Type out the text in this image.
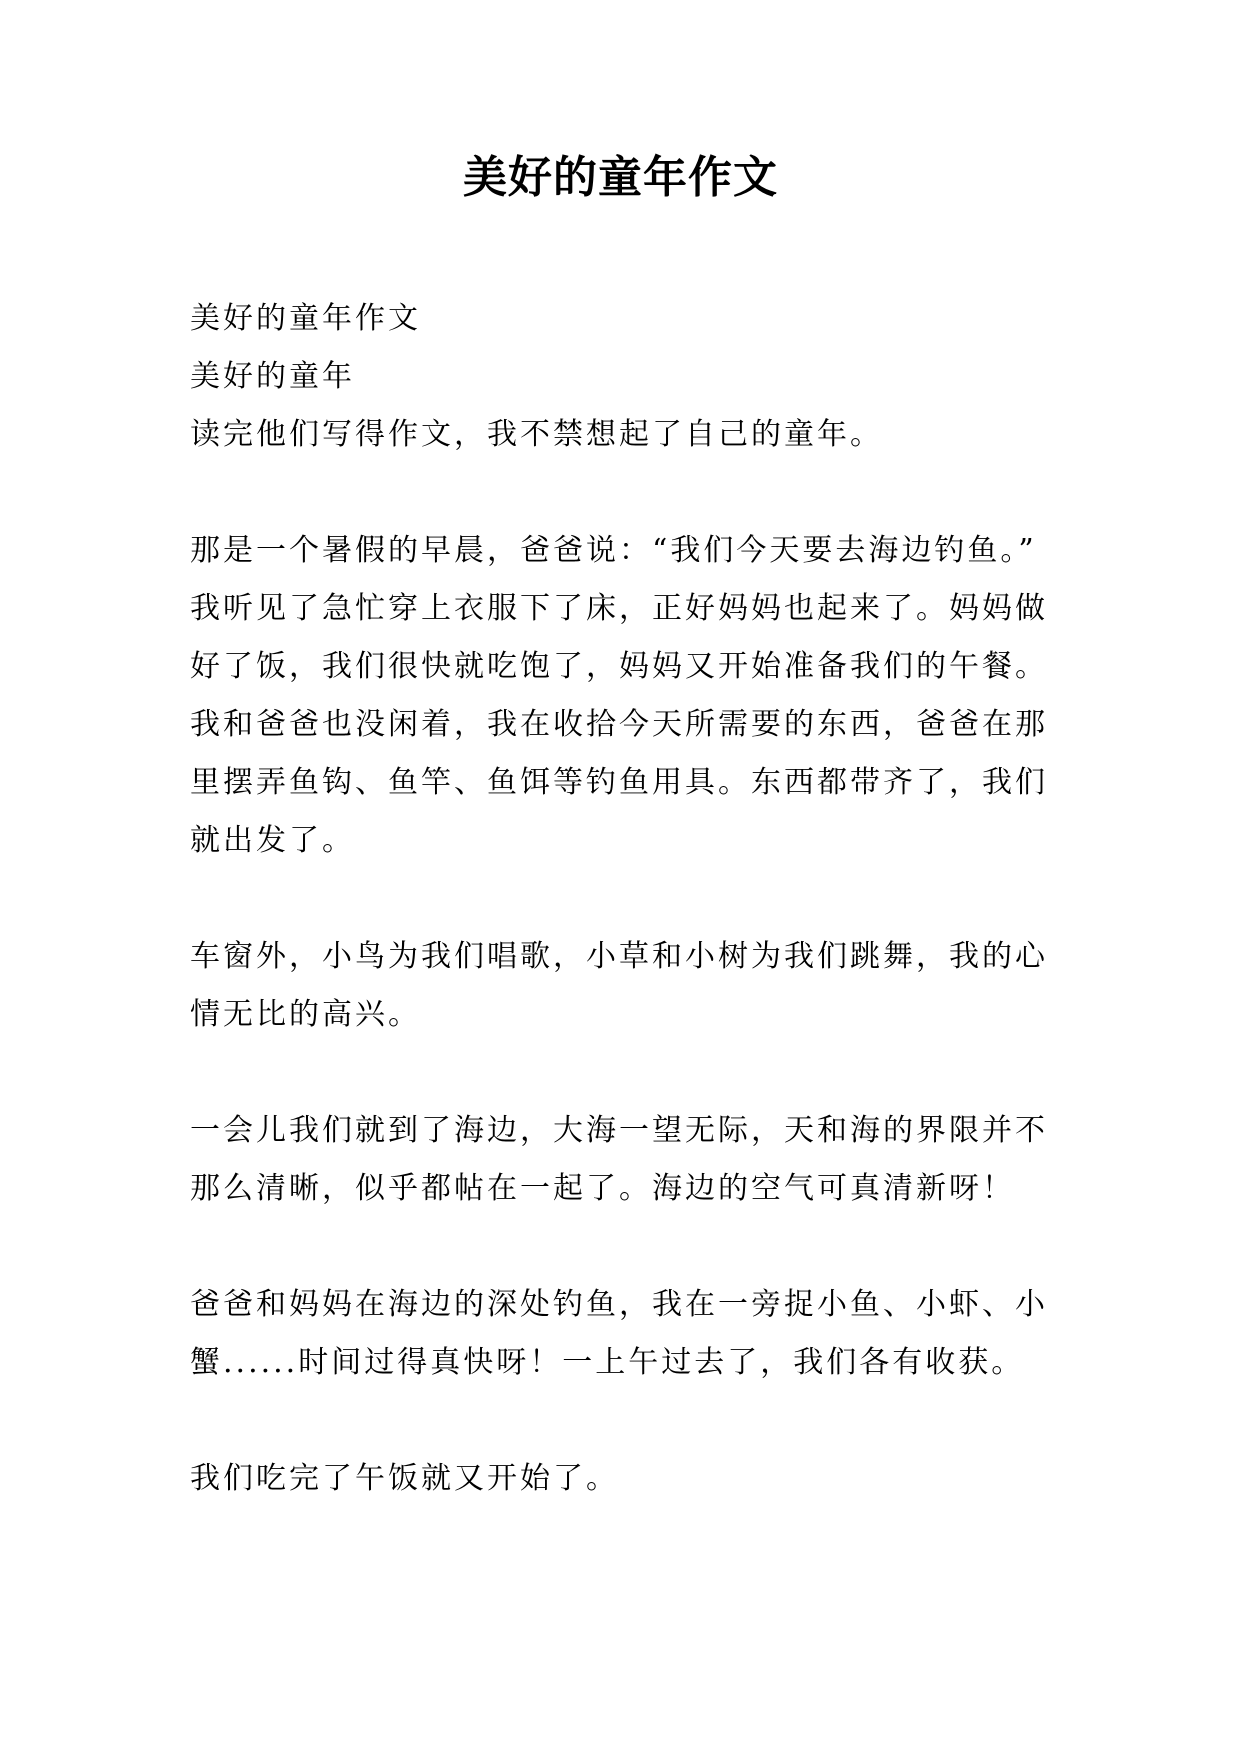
美好的童年作文
美好的童年作文
美好的童年
读完他们写得作文，我不禁想起了自己的童年。
那是一个暑假的早晨，爸爸说：“我们今天要去海边钓鱼。”
我听见了急忙穿上衣服下了床，正好妈妈也起来了。妈妈做
好了饭，我们很快就吃饱了，妈妈又开始准备我们的午餐。
我和爸爸也没闲着，我在收拾今天所需要的东西，爸爸在那
里摆弄鱼钩、鱼竿、鱼饵等钓鱼用具。东西都带齐了，我们
就出发了。
车窗外，小鸟为我们唱歌，小草和小树为我们跳舞，我的心
情无比的高兴。
一会儿我们就到了海边，大海一望无际，天和海的界限并不
那么清晰，似乎都帖在一起了。海边的空气可真清新呀！
爸爸和妈妈在海边的深处钓鱼，我在一旁捉小鱼、小虾、小
蟹......时间过得真快呀！一上午过去了，我们各有收获。
我们吃完了午饭就又开始了。
